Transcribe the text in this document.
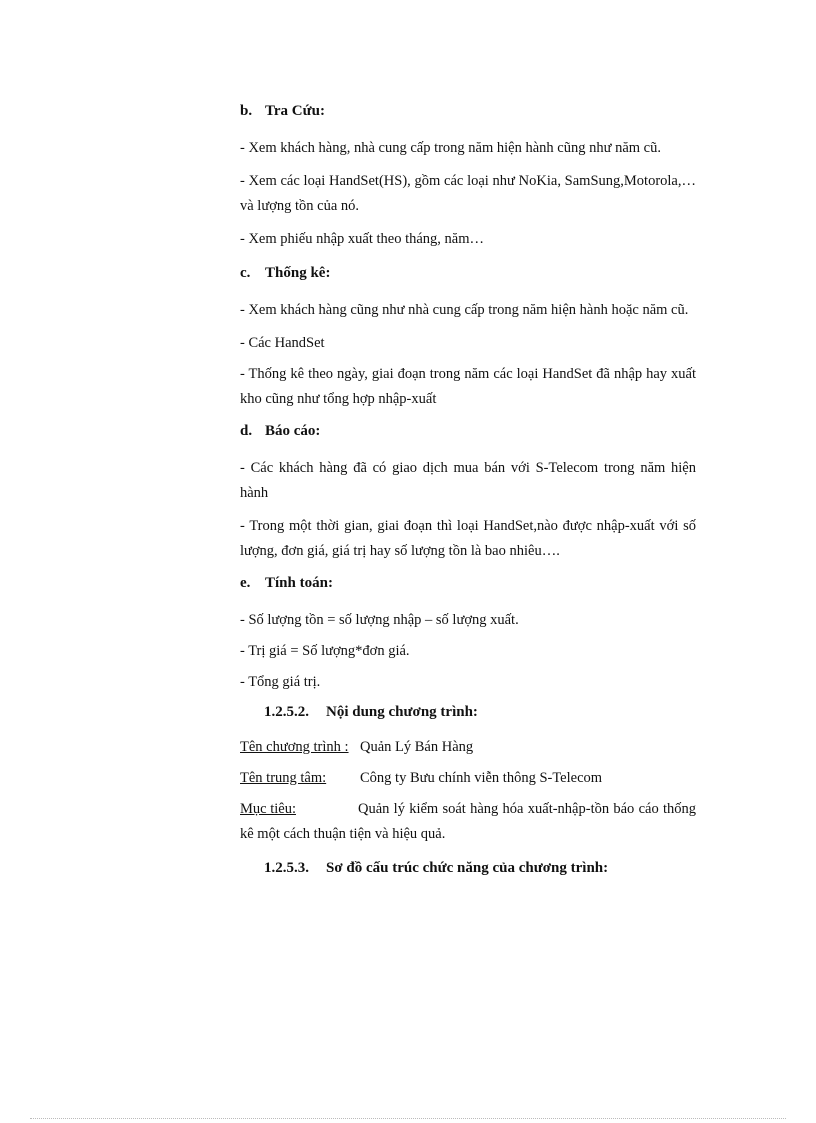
b. Tra Cứu:
- Xem khách hàng, nhà cung cấp trong năm hiện hành cũng như năm cũ.
- Xem các loại HandSet(HS), gồm các loại như NoKia, SamSung,Motorola,…và lượng tồn của nó.
- Xem phiếu nhập xuất theo tháng, năm…
c. Thống kê:
- Xem khách hàng cũng như nhà cung cấp trong năm hiện hành hoặc năm cũ.
- Các HandSet
- Thống kê theo ngày, giai đoạn trong năm các loại HandSet đã nhập hay xuất kho cũng như tổng hợp nhập-xuất
d. Báo cáo:
- Các khách hàng đã có giao dịch mua bán với S-Telecom trong năm hiện hành
- Trong một thời gian, giai đoạn thì loại HandSet,nào được nhập-xuất với số lượng, đơn giá, giá trị hay số lượng tồn là bao nhiêu….
e. Tính toán:
- Số lượng tồn = số lượng nhập – số lượng xuất.
- Trị giá = Số lượng*đơn giá.
- Tổng giá trị.
1.2.5.2. Nội dung chương trình:
Tên chương trình : Quản Lý Bán Hàng
Tên trung tâm:	Công ty Bưu chính viễn thông S-Telecom
Mục tiêu:	Quản lý kiểm soát hàng hóa xuất-nhập-tồn báo cáo thống kê một cách thuận tiện và hiệu quả.
1.2.5.3. Sơ đồ cấu trúc chức năng của chương trình:
